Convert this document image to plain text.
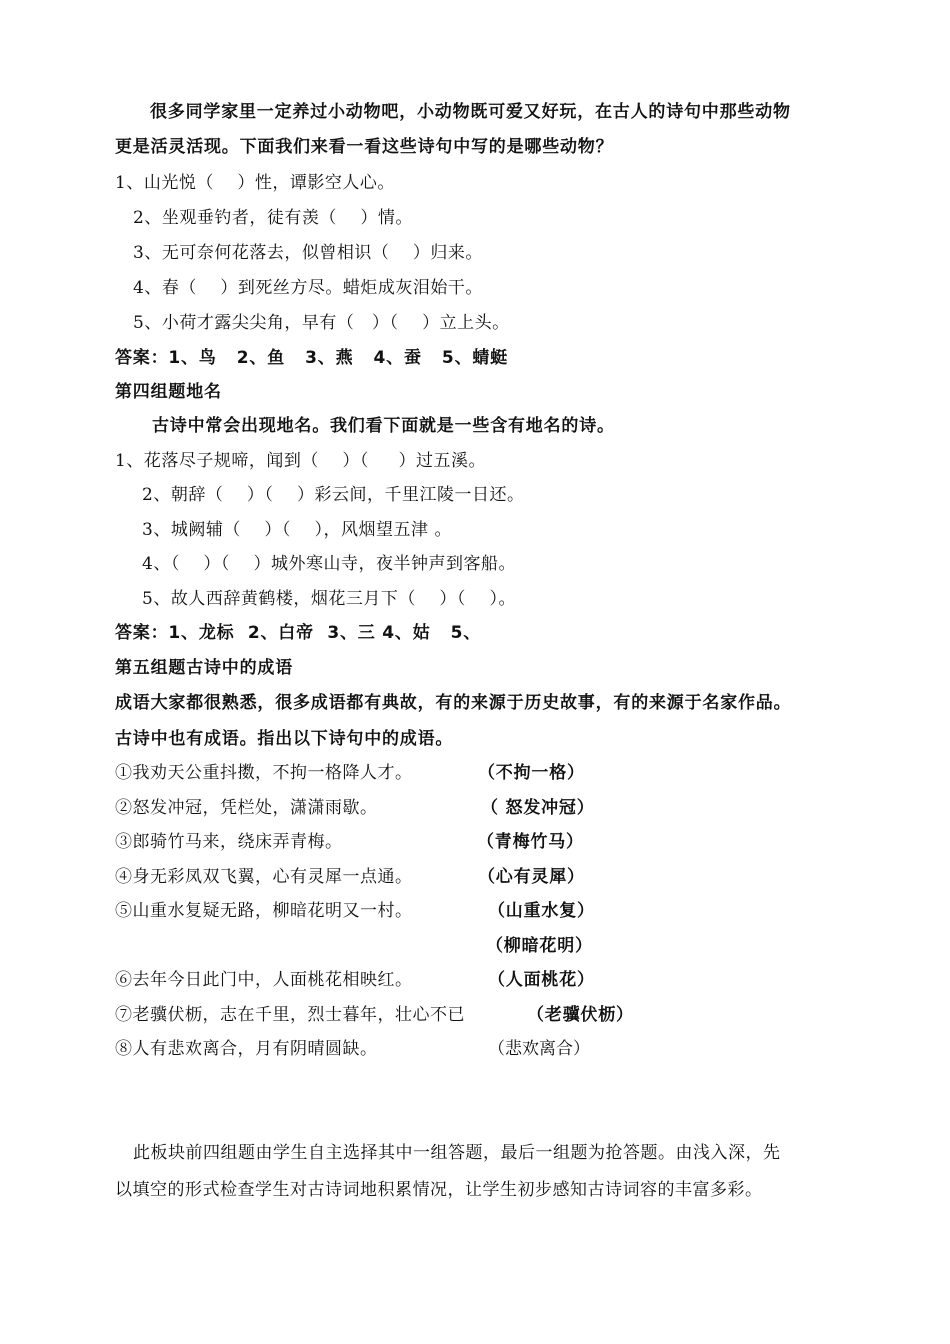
很多同学家里一定养过小动物吧，小动物既可爱又好玩，在古人的诗句中那些动物
更是活灵活现。下面我们来看一看这些诗句中写的是哪些动物？
1、山光悦（    ）性，谭影空人心。
2、坐观垂钓者，徒有羡（    ）情。
3、无可奈何花落去，似曾相识（    ）归来。
4、春（    ）到死丝方尽。蜡炬成灰泪始干。
5、小荷才露尖尖角，早有（   ）（    ）立上头。
答案：1、鸟   2、鱼   3、燕   4、蚕   5、蜻蜓
第四组题地名
古诗中常会出现地名。我们看下面就是一些含有地名的诗。
1、花落尽子规啼，闻到（    ）（     ）过五溪。
2、朝辞（    ）（    ）彩云间，千里江陵一日还。
3、城阙辅（    ）（    ），风烟望五津 。
4、（    ）（    ）城外寒山寺，夜半钟声到客船。
5、故人西辞黄鹤楼，烟花三月下（    ）（    ）。
答案：1、龙标  2、白帝  3、三 4、姑   5、
第五组题古诗中的成语
成语大家都很熟悉，很多成语都有典故，有的来源于历史故事，有的来源于名家作品。
古诗中也有成语。指出以下诗句中的成语。
①我劝天公重抖擞，不拘一格降人才。	（不拘一格）
②怒发冲冠，凭栏处，潇潇雨歇。	（ 怒发冲冠）
③郎骑竹马来，绕床弄青梅。	（青梅竹马）
④身无彩凤双飞翼，心有灵犀一点通。	（心有灵犀）
⑤山重水复疑无路，柳暗花明又一村。	（山重水复）
（柳暗花明）
⑥去年今日此门中，人面桃花相映红。	（人面桃花）
⑦老骥伏枥，志在千里，烈士暮年，壮心不已	（老骥伏枥）
⑧人有悲欢离合，月有阴晴圆缺。	（悲欢离合）
此板块前四组题由学生自主选择其中一组答题，最后一组题为抢答题。由浅入深，先
以填空的形式检查学生对古诗词地积累情况，让学生初步感知古诗词容的丰富多彩。
